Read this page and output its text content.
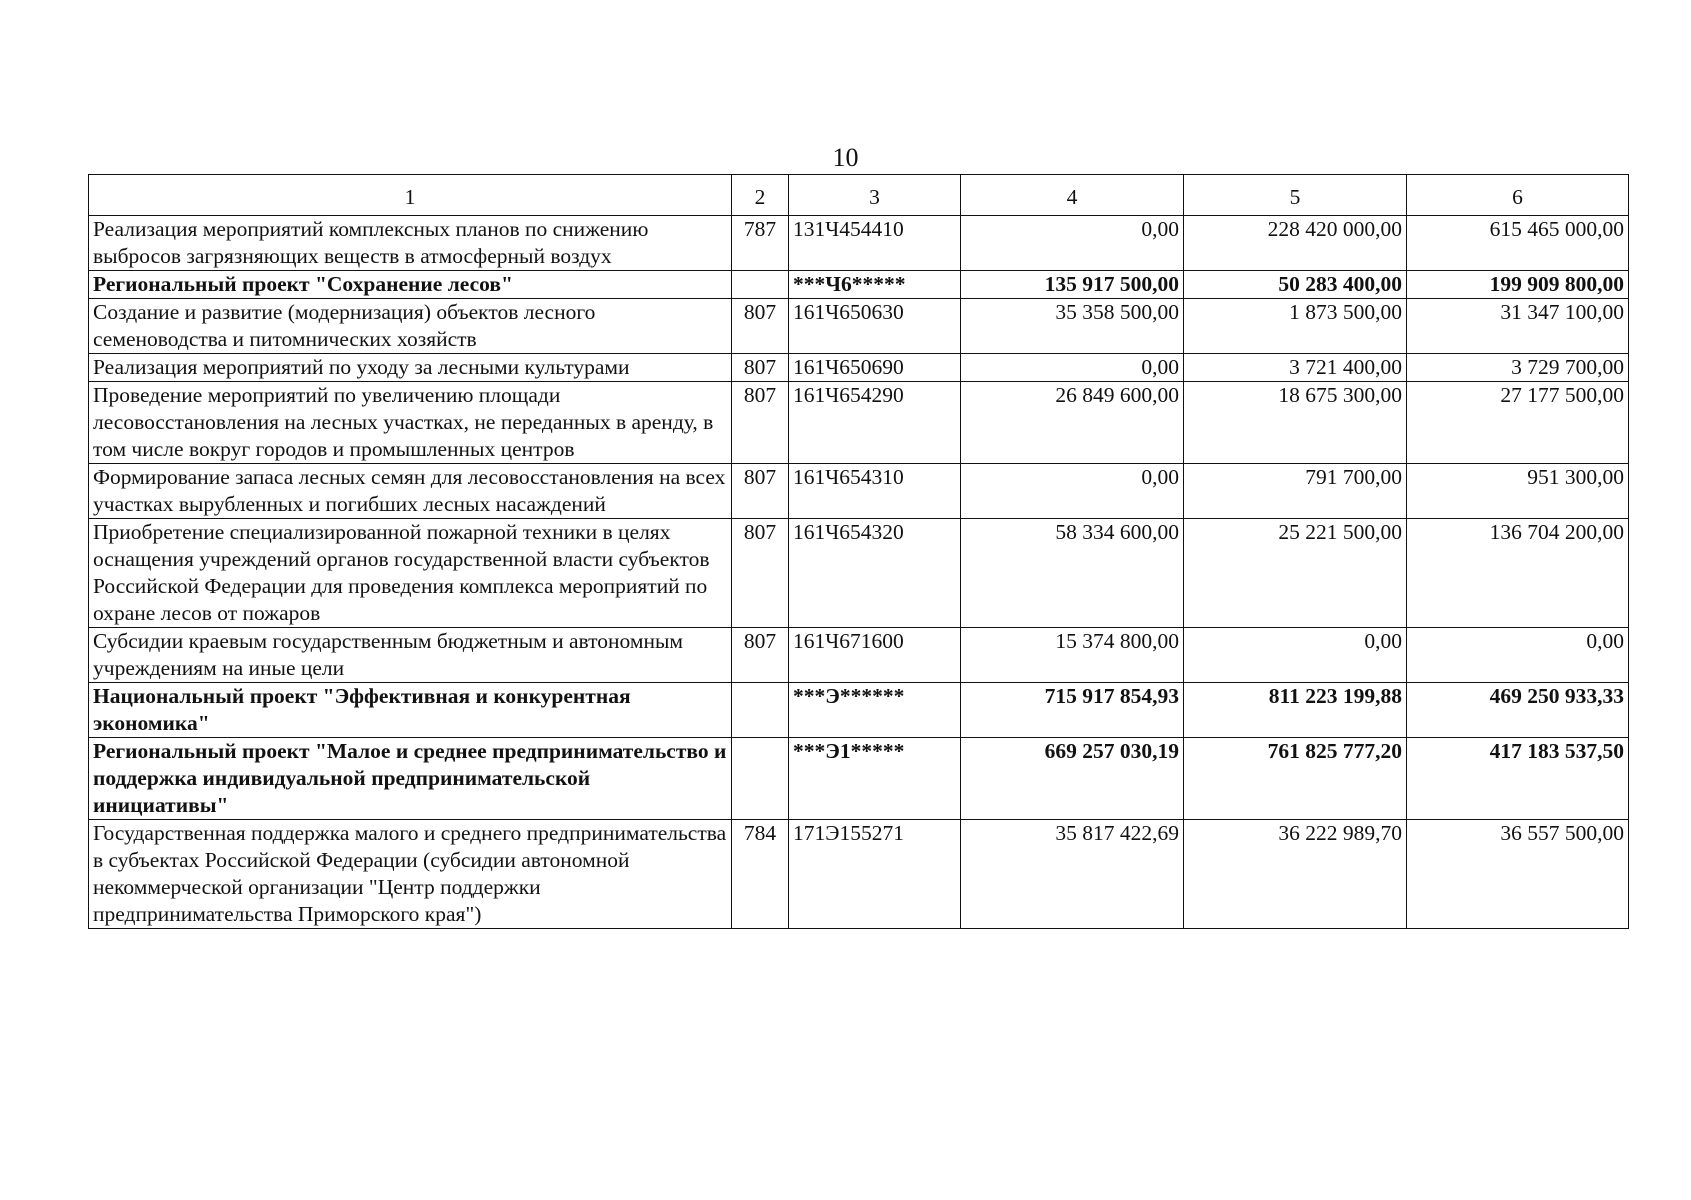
10
1	2	3	4	5	6
Реализация мероприятий комплексных планов по снижению выбросов загрязняющих веществ в атмосферный воздух	787	131Ч454410	0,00	228 420 000,00	615 465 000,00
Региональный проект "Сохранение лесов"		***Ч6*****	135 917 500,00	50 283 400,00	199 909 800,00
Создание и развитие (модернизация) объектов лесного семеноводства и питомнических хозяйств	807	161Ч650630	35 358 500,00	1 873 500,00	31 347 100,00
Реализация мероприятий по уходу за лесными культурами	807	161Ч650690	0,00	3 721 400,00	3 729 700,00
Проведение мероприятий по увеличению площади лесовосстановления на лесных участках, не переданных в аренду, в том числе вокруг городов и промышленных центров	807	161Ч654290	26 849 600,00	18 675 300,00	27 177 500,00
Формирование запаса лесных семян для лесовосстановления на всех участках вырубленных и погибших лесных насаждений	807	161Ч654310	0,00	791 700,00	951 300,00
Приобретение специализированной пожарной техники в целях оснащения учреждений органов государственной власти субъектов Российской Федерации для проведения комплекса мероприятий по охране лесов от пожаров	807	161Ч654320	58 334 600,00	25 221 500,00	136 704 200,00
Субсидии краевым государственным бюджетным и автономным учреждениям на иные цели	807	161Ч671600	15 374 800,00	0,00	0,00
Национальный проект "Эффективная и конкурентная экономика"		***Э******	715 917 854,93	811 223 199,88	469 250 933,33
Региональный проект "Малое и среднее предпринимательство и поддержка индивидуальной предпринимательской инициативы"		***Э1*****	669 257 030,19	761 825 777,20	417 183 537,50
Государственная поддержка малого и среднего предпринимательства в субъектах Российской Федерации (субсидии автономной некоммерческой организации "Центр поддержки предпринимательства Приморского края")	784	171Э155271	35 817 422,69	36 222 989,70	36 557 500,00
